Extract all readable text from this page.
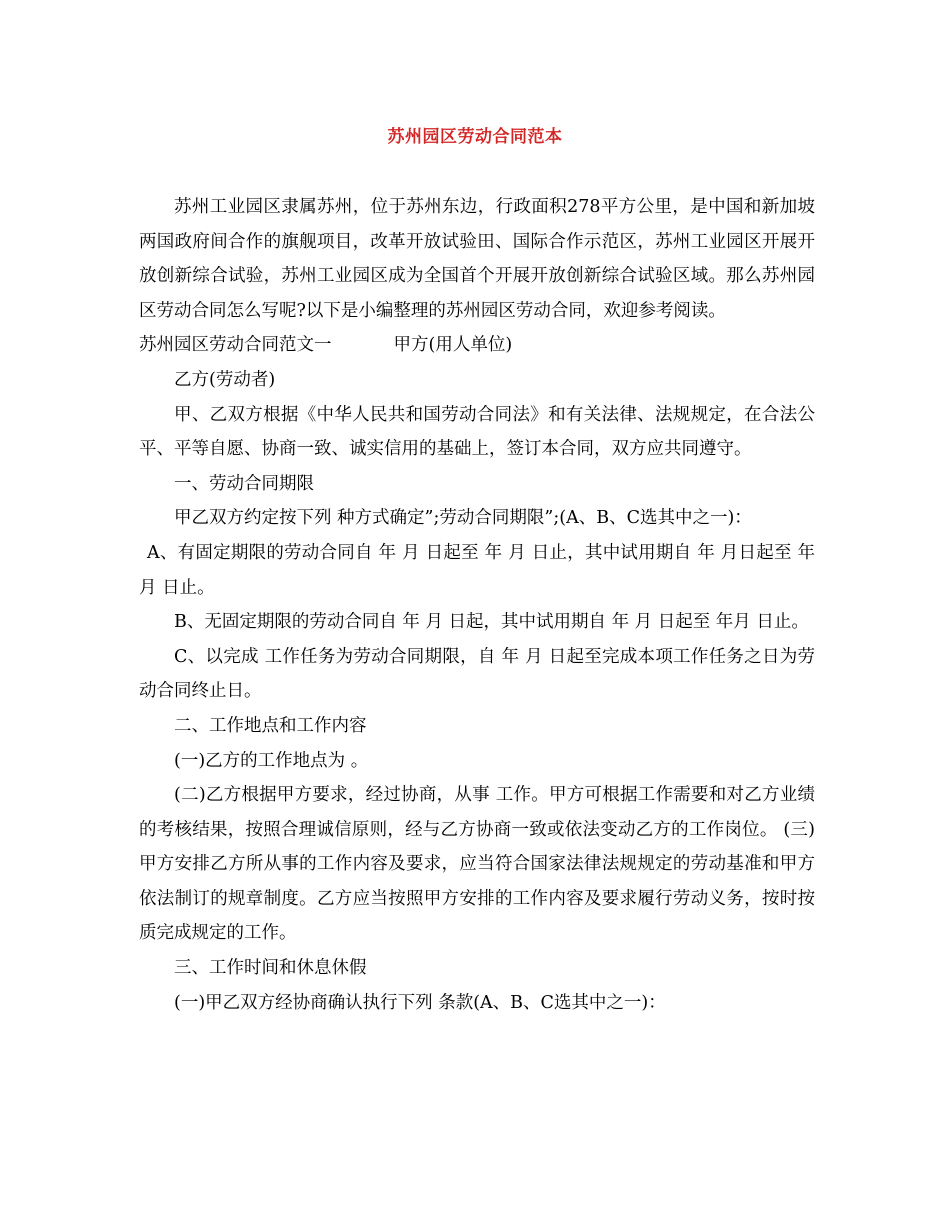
苏州园区劳动合同范本

苏州工业园区隶属苏州，位于苏州东边，行政面积278平方公里，是中国和新加坡两国政府间合作的旗舰项目，改革开放试验田、国际合作示范区，苏州工业园区开展开放创新综合试验，苏州工业园区成为全国首个开展开放创新综合试验区域。那么苏州园区劳动合同怎么写呢?以下是小编整理的苏州园区劳动合同，欢迎参考阅读。

苏州园区劳动合同范文一	甲方(用人单位)

乙方(劳动者)

甲、乙双方根据《中华人民共和国劳动合同法》和有关法律、法规规定，在合法公平、平等自愿、协商一致、诚实信用的基础上，签订本合同，双方应共同遵守。

一、劳动合同期限

甲乙双方约定按下列 种方式确定”;劳动合同期限”;(A、B、C选其中之一)：

A、有固定期限的劳动合同自 年 月 日起至 年 月 日止，其中试用期自 年 月日起至 年 月 日止。

B、无固定期限的劳动合同自 年 月 日起，其中试用期自 年 月 日起至 年月 日止。

C、以完成 工作任务为劳动合同期限，自 年 月 日起至完成本项工作任务之日为劳动合同终止日。

二、工作地点和工作内容

(一)乙方的工作地点为 。

(二)乙方根据甲方要求，经过协商，从事 工作。甲方可根据工作需要和对乙方业绩的考核结果，按照合理诚信原则，经与乙方协商一致或依法变动乙方的工作岗位。 (三)甲方安排乙方所从事的工作内容及要求，应当符合国家法律法规规定的劳动基准和甲方依法制订的规章制度。乙方应当按照甲方安排的工作内容及要求履行劳动义务，按时按质完成规定的工作。

三、工作时间和休息休假

(一)甲乙双方经协商确认执行下列 条款(A、B、C选其中之一)：
